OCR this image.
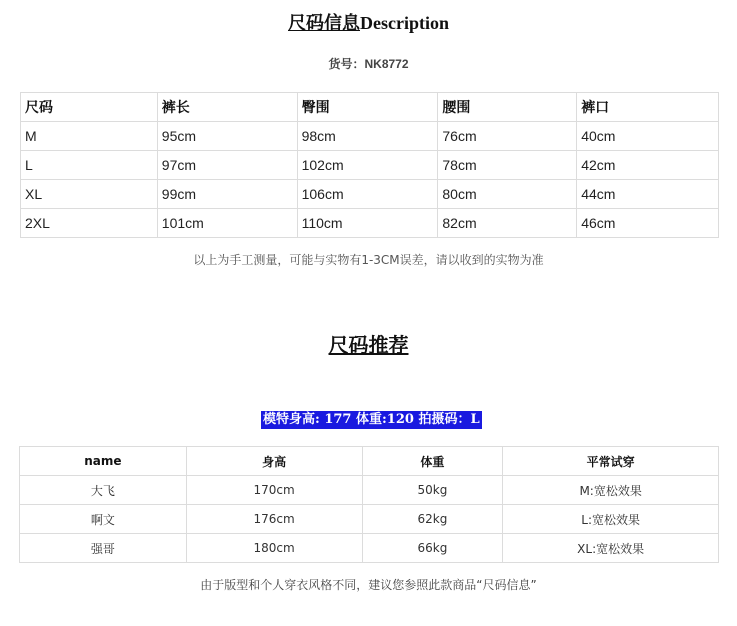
尺码信息Description
货号：NK8772
尺码	裤长	臀围	腰围	裤口
M	95cm	98cm	76cm	40cm
L	97cm	102cm	78cm	42cm
XL	99cm	106cm	80cm	44cm
2XL	101cm	110cm	82cm	46cm
以上为手工测量，可能与实物有1-3CM误差，请以收到的实物为准
尺码推荐
模特身高: 177 体重:120 拍摄码：L
name	身高	体重	平常试穿
大飞	170cm	50kg	M:宽松效果
啊文	176cm	62kg	L:宽松效果
强哥	180cm	66kg	XL:宽松效果
由于版型和个人穿衣风格不同，建议您参照此款商品“尺码信息”
